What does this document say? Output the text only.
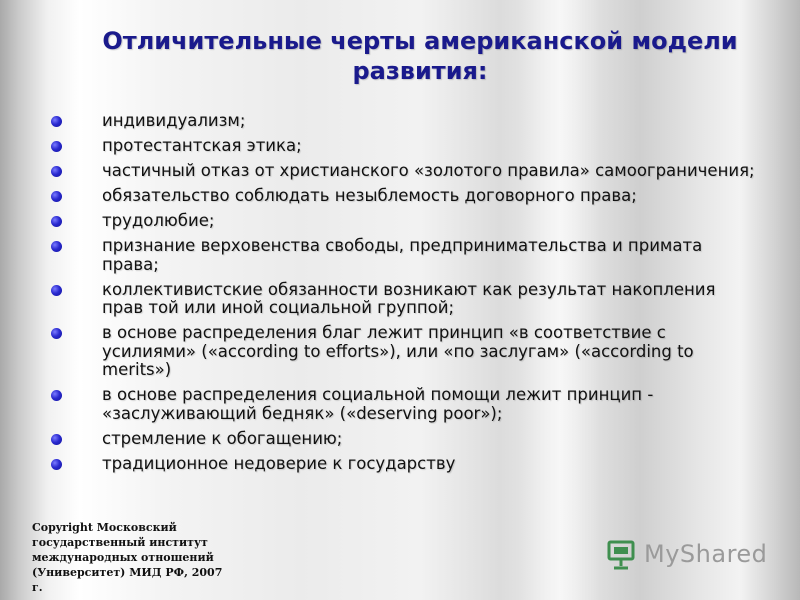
Отличительные черты американской модели развития:
индивидуализм;
протестантская этика;
частичный отказ от христианского «золотого правила» самоограничения;
обязательство соблюдать незыблемость договорного права;
трудолюбие;
признание верховенства свободы, предпринимательства и примата права;
коллективистские обязанности возникают как результат накопления прав той или иной социальной группой;
в основе распределения благ лежит принцип «в соответствие с усилиями» («according to efforts»), или «по заслугам» («according to merits»)
в основе распределения социальной помощи лежит принцип - «заслуживающий бедняк» («deserving poor»);
стремление к обогащению;
традиционное недоверие к государству
Copyright Московский государственный институт международных отношений (Университет) МИД РФ, 2007 г.
MyShared
